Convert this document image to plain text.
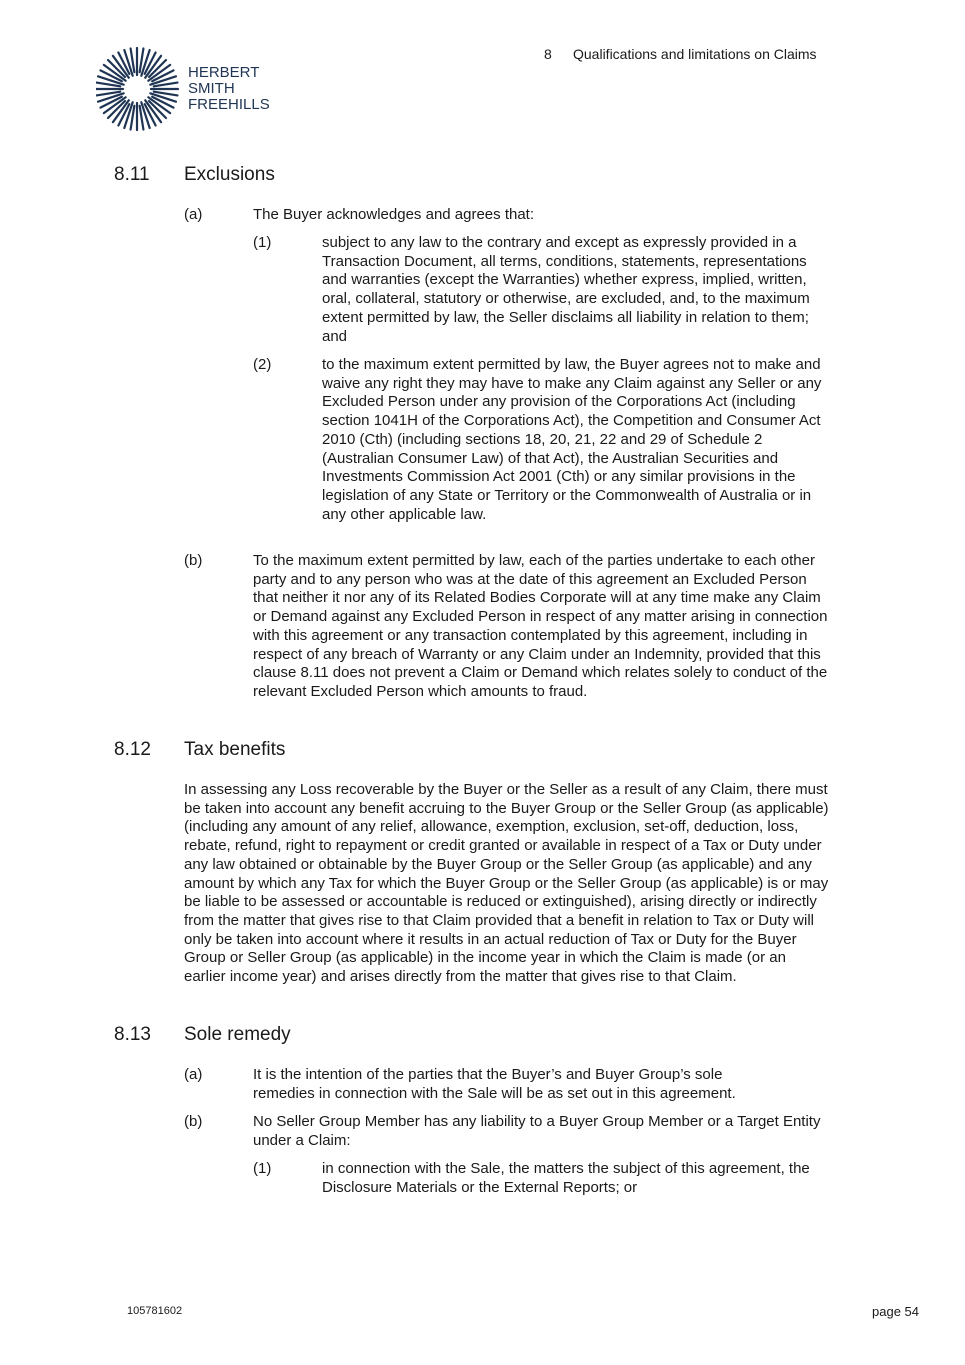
HERBERT
SMITH
FREEHILLS
8 Qualifications and limitations on Claims
8.11 Exclusions
(a)	The Buyer acknowledges and agrees that:
(1)	subject to any law to the contrary and except as expressly provided in a Transaction Document, all terms, conditions, statements, representations and warranties (except the Warranties) whether express, implied, written, oral, collateral, statutory or otherwise, are excluded, and, to the maximum extent permitted by law, the Seller disclaims all liability in relation to them; and
(2)	to the maximum extent permitted by law, the Buyer agrees not to make and waive any right they may have to make any Claim against any Seller or any Excluded Person under any provision of the Corporations Act (including section 1041H of the Corporations Act), the Competition and Consumer Act 2010 (Cth) (including sections 18, 20, 21, 22 and 29 of Schedule 2 (Australian Consumer Law) of that Act), the Australian Securities and Investments Commission Act 2001 (Cth) or any similar provisions in the legislation of any State or Territory or the Commonwealth of Australia or in any other applicable law.
(b)	To the maximum extent permitted by law, each of the parties undertake to each other party and to any person who was at the date of this agreement an Excluded Person that neither it nor any of its Related Bodies Corporate will at any time make any Claim or Demand against any Excluded Person in respect of any matter arising in connection with this agreement or any transaction contemplated by this agreement, including in respect of any breach of Warranty or any Claim under an Indemnity, provided that this clause 8.11 does not prevent a Claim or Demand which relates solely to conduct of the relevant Excluded Person which amounts to fraud.
8.12 Tax benefits
In assessing any Loss recoverable by the Buyer or the Seller as a result of any Claim, there must be taken into account any benefit accruing to the Buyer Group or the Seller Group (as applicable) (including any amount of any relief, allowance, exemption, exclusion, set-off, deduction, loss, rebate, refund, right to repayment or credit granted or available in respect of a Tax or Duty under any law obtained or obtainable by the Buyer Group or the Seller Group (as applicable) and any amount by which any Tax for which the Buyer Group or the Seller Group (as applicable) is or may be liable to be assessed or accountable is reduced or extinguished), arising directly or indirectly from the matter that gives rise to that Claim provided that a benefit in relation to Tax or Duty will only be taken into account where it results in an actual reduction of Tax or Duty for the Buyer Group or Seller Group (as applicable) in the income year in which the Claim is made (or an earlier income year) and arises directly from the matter that gives rise to that Claim.
8.13 Sole remedy
(a)	It is the intention of the parties that the Buyer’s and Buyer Group’s sole remedies in connection with the Sale will be as set out in this agreement.
(b)	No Seller Group Member has any liability to a Buyer Group Member or a Target Entity under a Claim:
(1)	in connection with the Sale, the matters the subject of this agreement, the Disclosure Materials or the External Reports; or
105781602	page 54
